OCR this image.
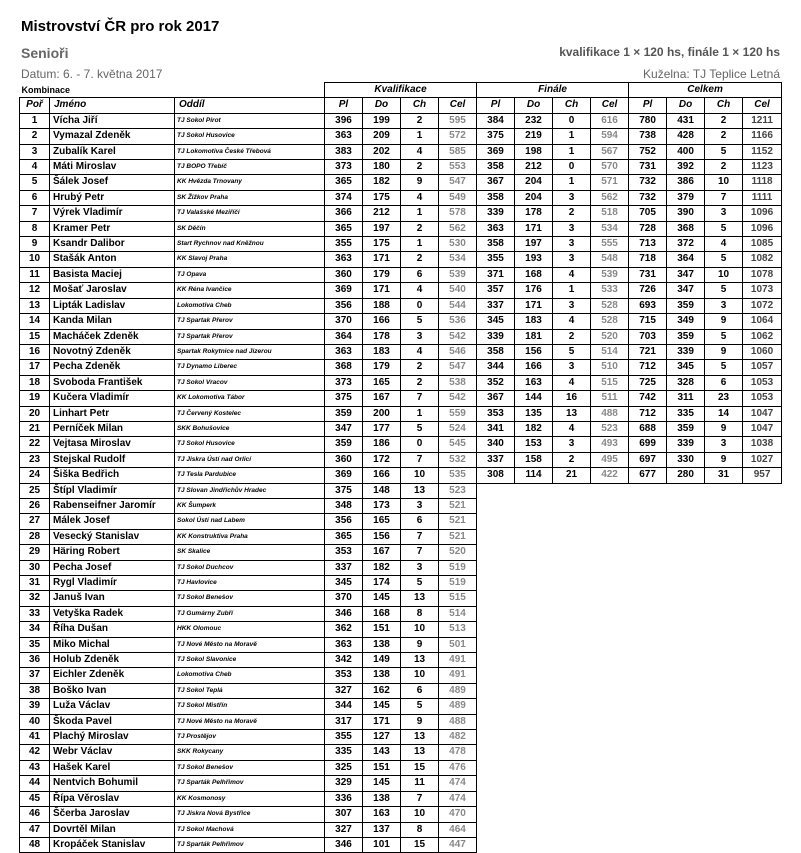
Mistrovství ČR pro rok 2017
Senioři	kvalifikace 1 × 120 hs, finále 1 × 120 hs
Datum: 6. - 7. května 2017	Kuželna: TJ Teplice Letná
Kombinace			Kvalifikace				Finále				Celkem			
Poř	Jméno	Oddíl	Pl	Do	Ch	Cel	Pl	Do	Ch	Cel	Pl	Do	Ch	Cel
1	Vícha Jiří	TJ Sokol Pirot	396	199	2	595	384	232	0	616	780	431	2	1211
2	Vymazal Zdeněk	TJ Sokol Husovice	363	209	1	572	375	219	1	594	738	428	2	1166
3	Zubalík Karel	TJ Lokomotiva České Třebová	383	202	4	585	369	198	1	567	752	400	5	1152
4	Máti Miroslav	TJ BOPO Třebíč	373	180	2	553	358	212	0	570	731	392	2	1123
5	Šálek Josef	KK Hvězda Trnovany	365	182	9	547	367	204	1	571	732	386	10	1118
6	Hrubý Petr	SK Žižkov Praha	374	175	4	549	358	204	3	562	732	379	7	1111
7	Výrek Vladimír	TJ Valašské Meziříčí	366	212	1	578	339	178	2	518	705	390	3	1096
8	Kramer Petr	SK Děčín	365	197	2	562	363	171	3	534	728	368	5	1096
9	Ksandr Dalibor	Start Rychnov nad Kněžnou	355	175	1	530	358	197	3	555	713	372	4	1085
10	Stašák Anton	KK Slavoj Praha	363	171	2	534	355	193	3	548	718	364	5	1082
11	Basista Maciej	TJ Opava	360	179	6	539	371	168	4	539	731	347	10	1078
12	Mošať Jaroslav	KK Réna Ivančice	369	171	4	540	357	176	1	533	726	347	5	1073
13	Lipták Ladislav	Lokomotiva Cheb	356	188	0	544	337	171	3	528	693	359	3	1072
14	Kanda Milan	TJ Spartak Přerov	370	166	5	536	345	183	4	528	715	349	9	1064
15	Macháček Zdeněk	TJ Spartak Přerov	364	178	3	542	339	181	2	520	703	359	5	1062
16	Novotný Zdeněk	Spartak Rokytnice nad Jizerou	363	183	4	546	358	156	5	514	721	339	9	1060
17	Pecha Zdeněk	TJ Dynamo Liberec	368	179	2	547	344	166	3	510	712	345	5	1057
18	Svoboda František	TJ Sokol Vracov	373	165	2	538	352	163	4	515	725	328	6	1053
19	Kučera Vladimír	KK Lokomotiva Tábor	375	167	7	542	367	144	16	511	742	311	23	1053
20	Linhart Petr	TJ Červený Kostelec	359	200	1	559	353	135	13	488	712	335	14	1047
21	Perníček Milan	SKK Bohušovice	347	177	5	524	341	182	4	523	688	359	9	1047
22	Vejtasa Miroslav	TJ Sokol Husovice	359	186	0	545	340	153	3	493	699	339	3	1038
23	Stejskal Rudolf	TJ Jiskra Ústí nad Orlicí	360	172	7	532	337	158	2	495	697	330	9	1027
24	Šiška Bedřich	TJ Tesla Pardubice	369	166	10	535	308	114	21	422	677	280	31	957
25	Štípl Vladimír	TJ Slovan Jindřichův Hradec	375	148	13	523								
26	Rabenseifner Jaromír	KK Šumperk	348	173	3	521								
27	Málek Josef	Sokol Ústí nad Labem	356	165	6	521								
28	Vesecký Stanislav	KK Konstruktiva Praha	365	156	7	521								
29	Häring Robert	SK Skalice	353	167	7	520								
30	Pecha Josef	TJ Sokol Duchcov	337	182	3	519								
31	Rygl Vladimír	TJ Havlovice	345	174	5	519								
32	Januš Ivan	TJ Sokol Benešov	370	145	13	515								
33	Vetyška Radek	TJ Gumárny Zubří	346	168	8	514								
34	Říha Dušan	HKK Olomouc	362	151	10	513								
35	Miko Michal	TJ Nové Město na Moravě	363	138	9	501								
36	Holub Zdeněk	TJ Sokol Slavonice	342	149	13	491								
37	Eichler Zdeněk	Lokomotiva Cheb	353	138	10	491								
38	Boško Ivan	TJ Sokol Teplá	327	162	6	489								
39	Luža Václav	TJ Sokol Mistřín	344	145	5	489								
40	Škoda Pavel	TJ Nové Město na Moravě	317	171	9	488								
41	Plachý Miroslav	TJ Prostějov	355	127	13	482								
42	Webr Václav	SKK Rokycany	335	143	13	478								
43	Hašek Karel	TJ Sokol Benešov	325	151	15	476								
44	Nentvich Bohumil	TJ Sparták Pelhřimov	329	145	11	474								
45	Řípa Věroslav	KK Kosmonosy	336	138	7	474								
46	Ščerba Jaroslav	TJ Jiskra Nová Bystřice	307	163	10	470								
47	Dovrtěl Milan	TJ Sokol Machová	327	137	8	464								
48	Kropáček Stanislav	TJ Sparták Pelhřimov	346	101	15	447								
